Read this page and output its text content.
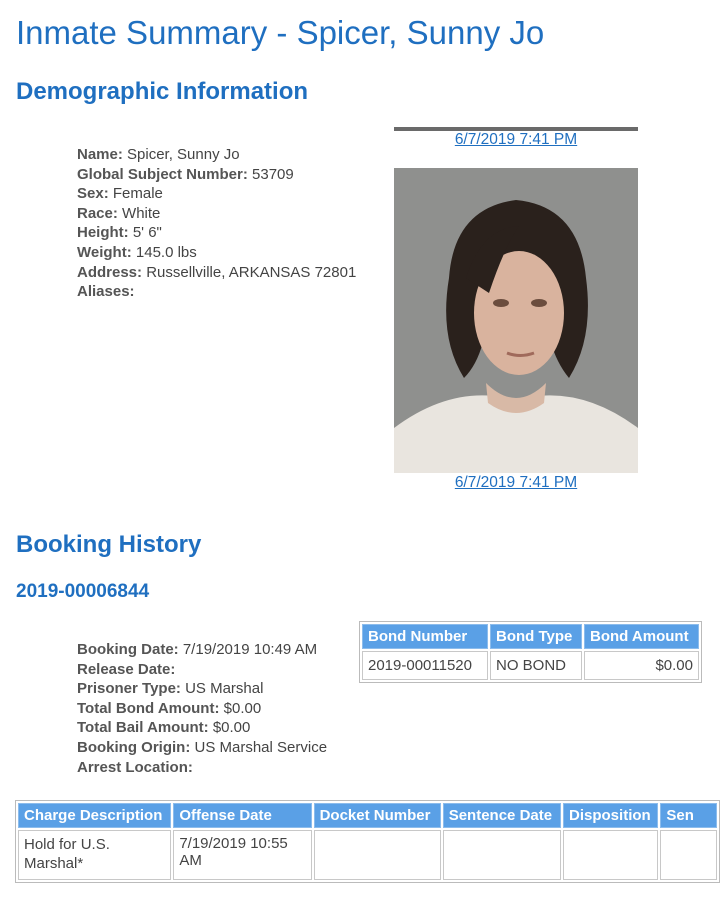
Inmate Summary - Spicer, Sunny Jo
Demographic Information
Name: Spicer, Sunny Jo
Global Subject Number: 53709
Sex: Female
Race: White
Height: 5' 6"
Weight: 145.0 lbs
Address: Russellville, ARKANSAS 72801
Aliases:
6/7/2019 7:41 PM
6/7/2019 7:41 PM
Booking History
2019-00006844
Booking Date: 7/19/2019 10:49 AM
Release Date:
Prisoner Type: US Marshal
Total Bond Amount: $0.00
Total Bail Amount: $0.00
Booking Origin: US Marshal Service
Arrest Location:
Bond Number	Bond Type	Bond Amount
2019-00011520	NO BOND	$0.00
Charge Description	Offense Date	Docket Number	Sentence Date	Disposition	Sen
Hold for U.S. Marshal*	7/19/2019 10:55 AM				
